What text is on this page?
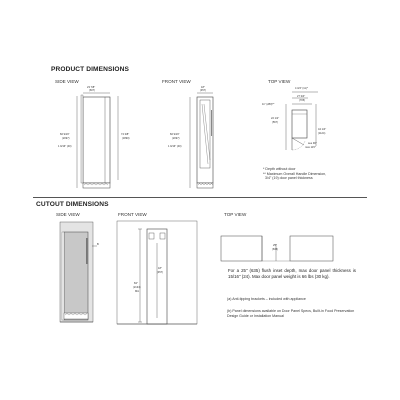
PRODUCT DIMENSIONS
SIDE VIEW	FRONT VIEW	TOP VIEW
23 7/8"
(607)
82 9/16"
(2097)
74 3/8"
(1890)
1 9/16" (40)
18"
(457)
82 9/16"
(2097)
1 9/16" (40)
4 3/4" (11)*
27 3/4"
(705)
11" (280)**
22 1/2"
(567)
44 1/4"
(1124)
see 90°
max 115°
* Depth without door
** Maximum Overall Handle Dimension,
3/4" (19) door panel thickness
CUTOUT DIMENSIONS
SIDE VIEW	FRONT VIEW	TOP VIEW
B
18"
(457)
84"
(2134)
Min
25"
(635)
For a 25" (635) flush inset depth, max door panel thickness is 15/16" (24). Max door panel weight is 66 lbs (30 kg).
(a) Anti-tipping brackets – included with appliance
(b) Panel dimensions available on Door Panel Specs, Built-in Food Preservation Design Guide or Installation Manual
